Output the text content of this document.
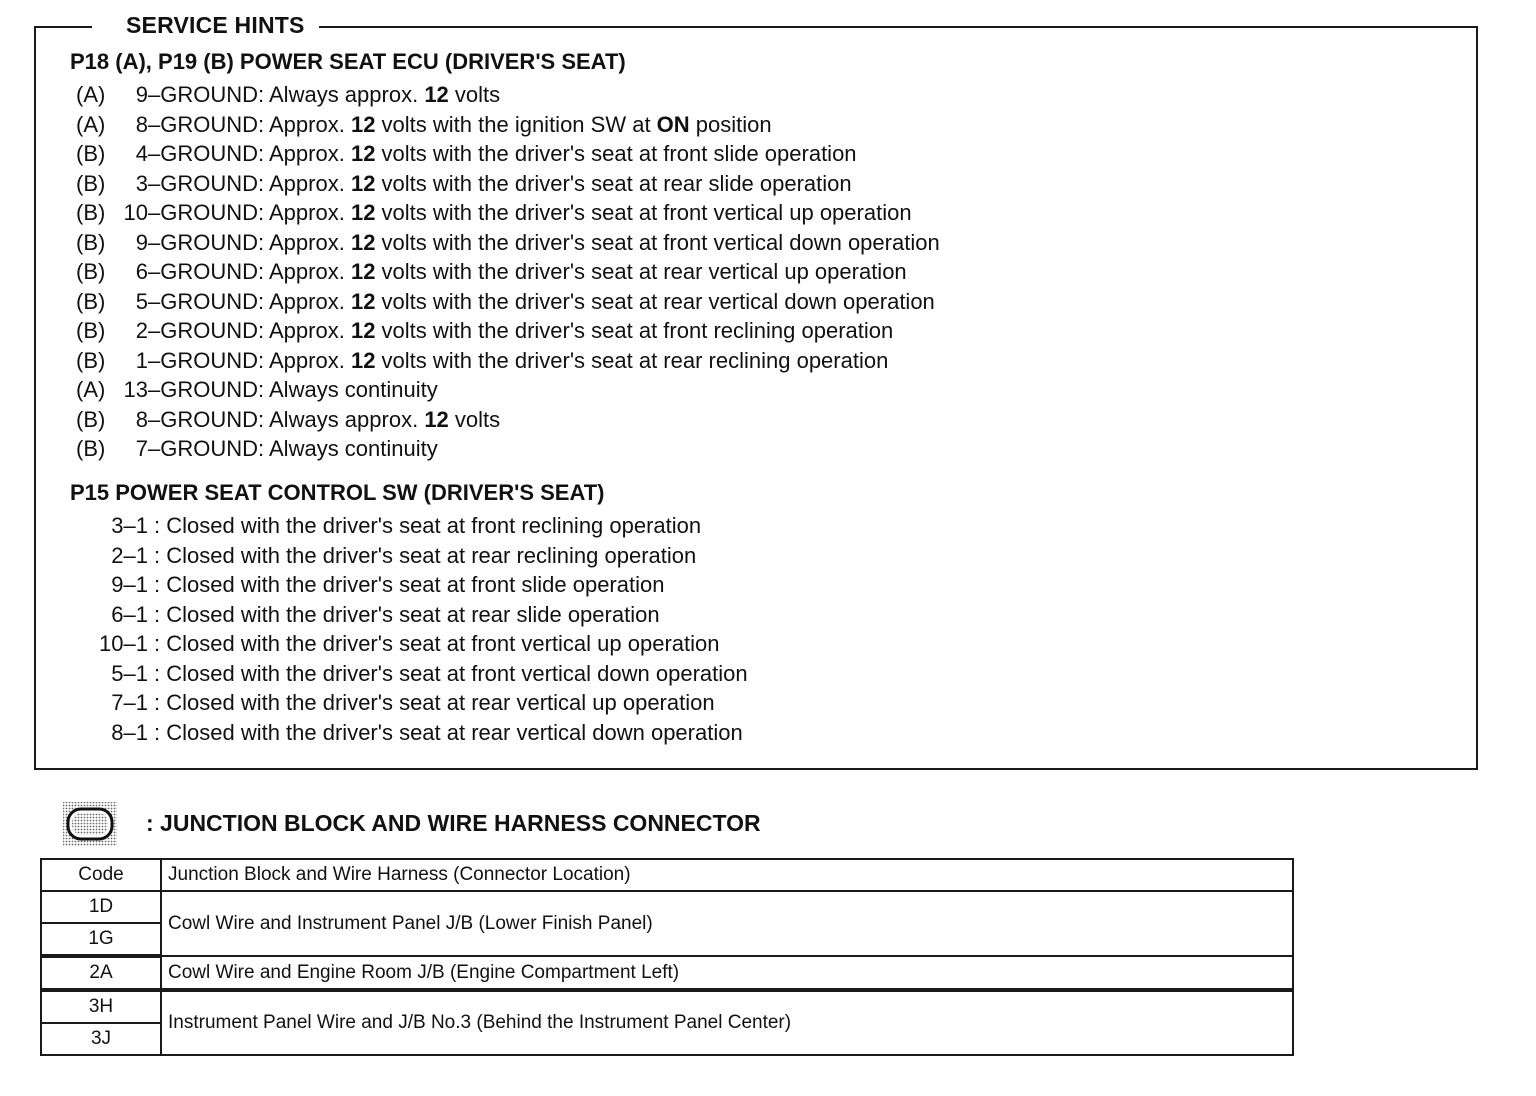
SERVICE HINTS
P18 (A), P19 (B) POWER SEAT ECU (DRIVER'S SEAT)
(A) 9–GROUND: Always approx. 12 volts
(A) 8–GROUND: Approx. 12 volts with the ignition SW at ON position
(B) 4–GROUND: Approx. 12 volts with the driver's seat at front slide operation
(B) 3–GROUND: Approx. 12 volts with the driver's seat at rear slide operation
(B) 10–GROUND: Approx. 12 volts with the driver's seat at front vertical up operation
(B) 9–GROUND: Approx. 12 volts with the driver's seat at front vertical down operation
(B) 6–GROUND: Approx. 12 volts with the driver's seat at rear vertical up operation
(B) 5–GROUND: Approx. 12 volts with the driver's seat at rear vertical down operation
(B) 2–GROUND: Approx. 12 volts with the driver's seat at front reclining operation
(B) 1–GROUND: Approx. 12 volts with the driver's seat at rear reclining operation
(A) 13–GROUND: Always continuity
(B) 8–GROUND: Always approx. 12 volts
(B) 7–GROUND: Always continuity
P15 POWER SEAT CONTROL SW (DRIVER'S SEAT)
3–1 : Closed with the driver's seat at front reclining operation
2–1 : Closed with the driver's seat at rear reclining operation
9–1 : Closed with the driver's seat at front slide operation
6–1 : Closed with the driver's seat at rear slide operation
10–1 : Closed with the driver's seat at front vertical up operation
5–1 : Closed with the driver's seat at front vertical down operation
7–1 : Closed with the driver's seat at rear vertical up operation
8–1 : Closed with the driver's seat at rear vertical down operation
: JUNCTION BLOCK AND WIRE HARNESS CONNECTOR
Code	Junction Block and Wire Harness (Connector Location)
1D	Cowl Wire and Instrument Panel J/B (Lower Finish Panel)
1G	
2A	Cowl Wire and Engine Room J/B (Engine Compartment Left)
3H	Instrument Panel Wire and J/B No.3 (Behind the Instrument Panel Center)
3J	
